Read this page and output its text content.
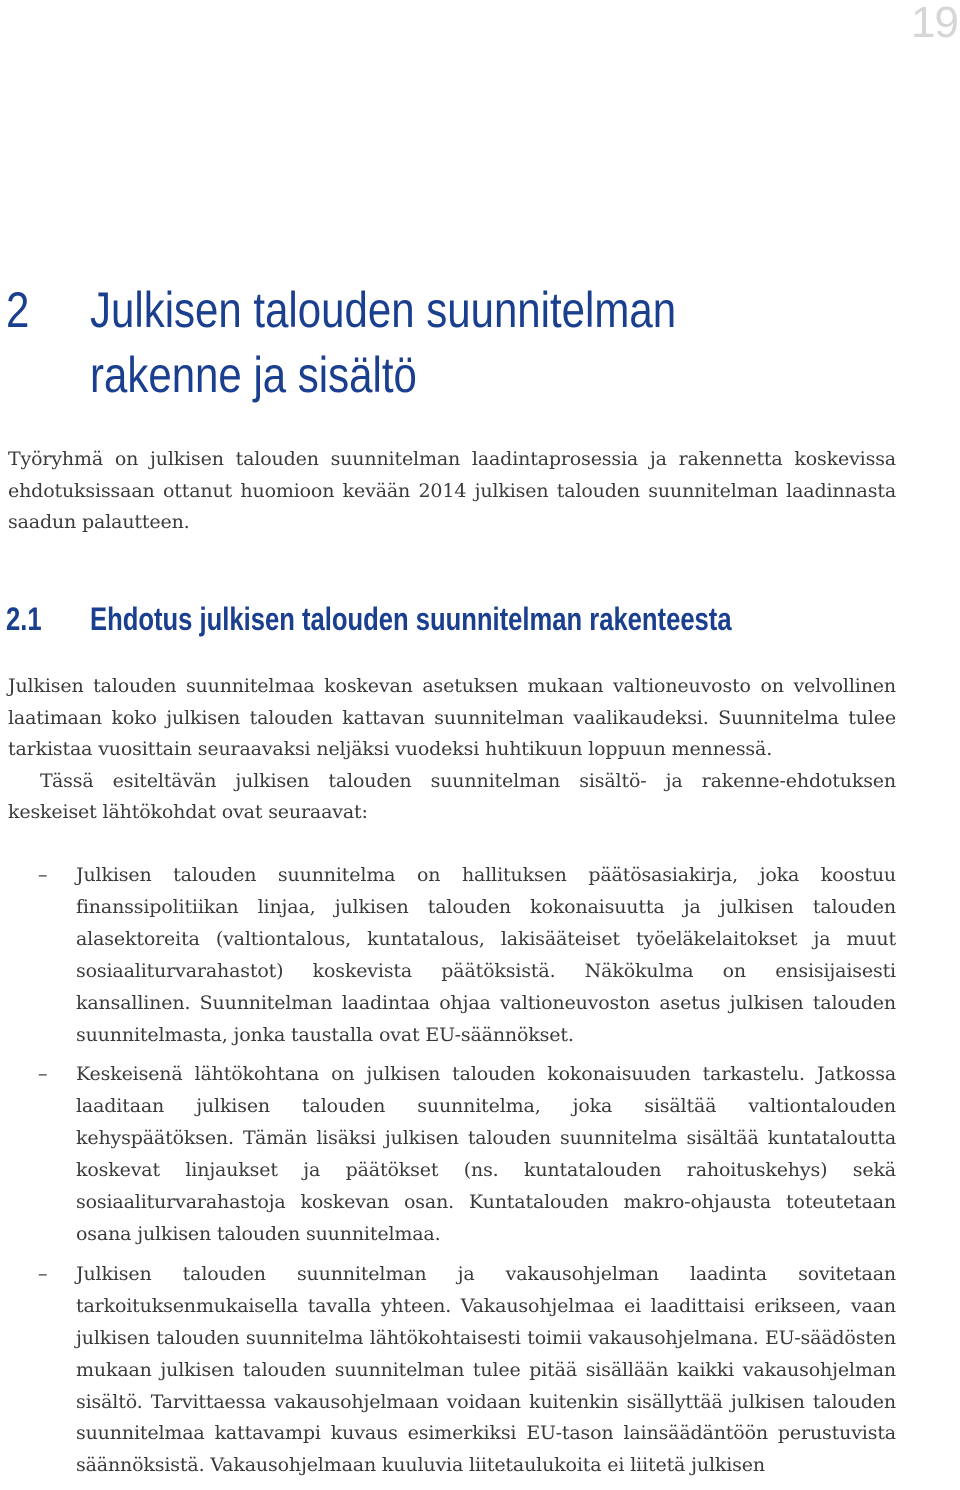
19
2 Julkisen talouden suunnitelman
rakenne ja sisältö

Työryhmä on julkisen talouden suunnitelman laadintaprosessia ja rakennetta koskevissa ehdotuksissaan ottanut huomioon kevään 2014 julkisen talouden suunnitelman laadinnasta saadun palautteen.

2.1 Ehdotus julkisen talouden suunnitelman rakenteesta
Julkisen talouden suunnitelmaa koskevan asetuksen mukaan valtioneuvosto on velvollinen laatimaan koko julkisen talouden kattavan suunnitelman vaalikaudeksi. Suunnitelma tulee tarkistaa vuosittain seuraavaksi neljäksi vuodeksi huhtikuun loppuun mennessä.
Tässä esiteltävän julkisen talouden suunnitelman sisältö- ja rakenne-ehdotuksen keskeiset lähtökohdat ovat seuraavat:
– Julkisen talouden suunnitelma on hallituksen päätösasiakirja, joka koostuu finanssipolitiikan linjaa, julkisen talouden kokonaisuutta ja julkisen talouden alasektoreita (valtiontalous, kuntatalous, lakisääteiset työeläkelaitokset ja muut sosiaaliturvarahastot) koskevista päätöksistä. Näkökulma on ensisijaisesti kansallinen. Suunnitelman laadintaa ohjaa valtioneuvoston asetus julkisen talouden suunnitelmasta, jonka taustalla ovat EU-säännökset.
– Keskeisenä lähtökohtana on julkisen talouden kokonaisuuden tarkastelu. Jatkossa laaditaan julkisen talouden suunnitelma, joka sisältää valtiontalouden kehyspäätöksen. Tämän lisäksi julkisen talouden suunnitelma sisältää kuntataloutta koskevat linjaukset ja päätökset (ns. kuntatalouden rahoituskehys) sekä sosiaaliturvarahastoja koskevan osan. Kuntatalouden makro-ohjausta toteutetaan osana julkisen talouden suunnitelmaa.
– Julkisen talouden suunnitelman ja vakausohjelman laadinta sovitetaan tarkoituksenmukaisella tavalla yhteen. Vakausohjelmaa ei laadittaisi erikseen, vaan julkisen talouden suunnitelma lähtökohtaisesti toimii vakausohjelmana. EU-säädösten mukaan julkisen talouden suunnitelman tulee pitää sisällään kaikki vakausohjelman sisältö. Tarvittaessa vakausohjelmaan voidaan kuitenkin sisällyttää julkisen talouden suunnitelmaa kattavampi kuvaus esimerkiksi EU-tason lainsäädäntöön perustuvista säännöksistä. Vakausohjelmaan kuuluvia liitetaulukoita ei liitetä julkisen
